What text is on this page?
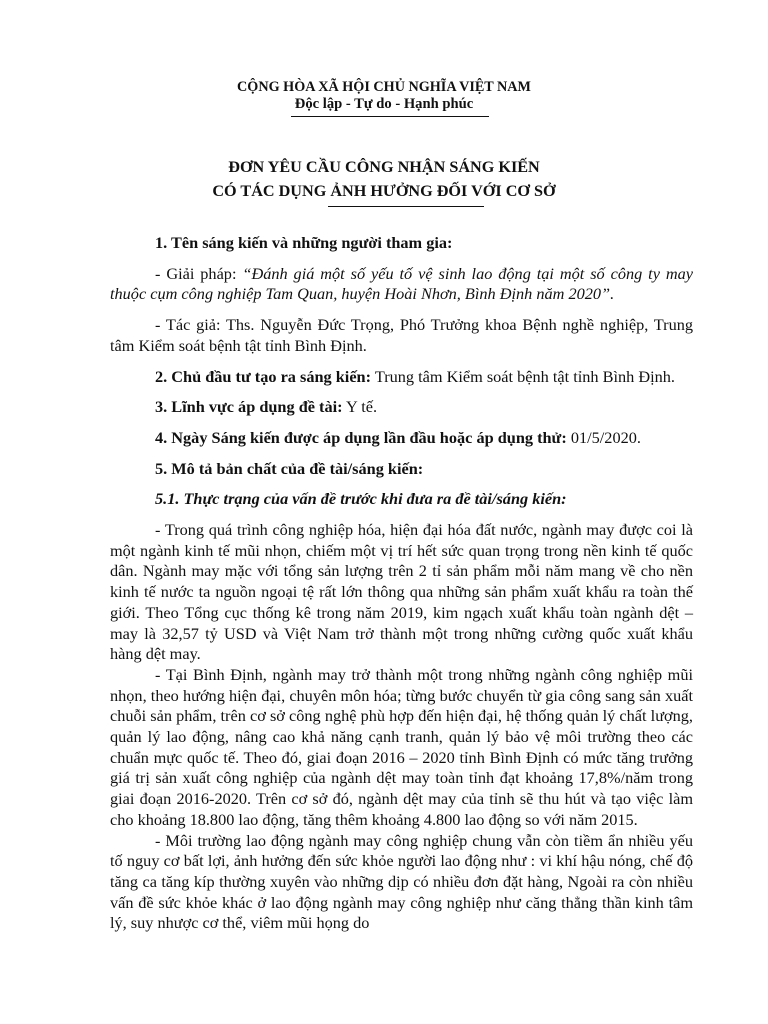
CỘNG HÒA XÃ HỘI CHỦ NGHĨA VIỆT NAM
Độc lập - Tự do - Hạnh phúc
ĐƠN YÊU CẦU CÔNG NHẬN SÁNG KIẾN
CÓ TÁC DỤNG ẢNH HƯỞNG ĐỐI VỚI CƠ SỞ

1. Tên sáng kiến và những người tham gia:

- Giải pháp: “Đánh giá một số yếu tố vệ sinh lao động tại một số công ty may thuộc cụm công nghiệp Tam Quan, huyện Hoài Nhơn, Bình Định năm 2020”.

- Tác giả: Ths. Nguyễn Đức Trọng, Phó Trưởng khoa Bệnh nghề nghiệp, Trung tâm Kiểm soát bệnh tật tỉnh Bình Định.

2. Chủ đầu tư tạo ra sáng kiến: Trung tâm Kiểm soát bệnh tật tỉnh Bình Định.

3. Lĩnh vực áp dụng đề tài: Y tế.

4. Ngày Sáng kiến được áp dụng lần đầu hoặc áp dụng thử: 01/5/2020.

5. Mô tả bản chất của đề tài/sáng kiến:

5.1. Thực trạng của vấn đề trước khi đưa ra đề tài/sáng kiến:

- Trong quá trình công nghiệp hóa, hiện đại hóa đất nước, ngành may được coi là một ngành kinh tế mũi nhọn, chiếm một vị trí hết sức quan trọng trong nền kinh tế quốc dân. Ngành may mặc với tổng sản lượng trên 2 tỉ sản phẩm mỗi năm mang về cho nền kinh tế nước ta nguồn ngoại tệ rất lớn thông qua những sản phẩm xuất khẩu ra toàn thế giới. Theo Tổng cục thống kê trong năm 2019, kim ngạch xuất khẩu toàn ngành dệt – may là 32,57 tỷ USD và Việt Nam trở thành một trong những cường quốc xuất khẩu hàng dệt may.

- Tại Bình Định, ngành may trở thành một trong những ngành công nghiệp mũi nhọn, theo hướng hiện đại, chuyên môn hóa; từng bước chuyển từ gia công sang sản xuất chuỗi sản phẩm, trên cơ sở công nghệ phù hợp đến hiện đại, hệ thống quản lý chất lượng, quản lý lao động, nâng cao khả năng cạnh tranh, quản lý bảo vệ môi trường theo các chuẩn mực quốc tế. Theo đó, giai đoạn 2016 – 2020 tỉnh Bình Định có mức tăng trưởng giá trị sản xuất công nghiệp của ngành dệt may toàn tỉnh đạt khoảng 17,8%/năm trong giai đoạn 2016-2020. Trên cơ sở đó, ngành dệt may của tỉnh sẽ thu hút và tạo việc làm cho khoảng 18.800 lao động, tăng thêm khoảng 4.800 lao động so với năm 2015.

- Môi trường lao động ngành may công nghiệp chung vẫn còn tiềm ẩn nhiều yếu tố nguy cơ bất lợi, ảnh hưởng đến sức khỏe người lao động như : vi khí hậu nóng, chế độ tăng ca tăng kíp thường xuyên vào những dịp có nhiều đơn đặt hàng, Ngoài ra còn nhiều vấn đề sức khỏe khác ở lao động ngành may công nghiệp như căng thẳng thần kinh tâm lý, suy nhược cơ thể, viêm mũi họng do
